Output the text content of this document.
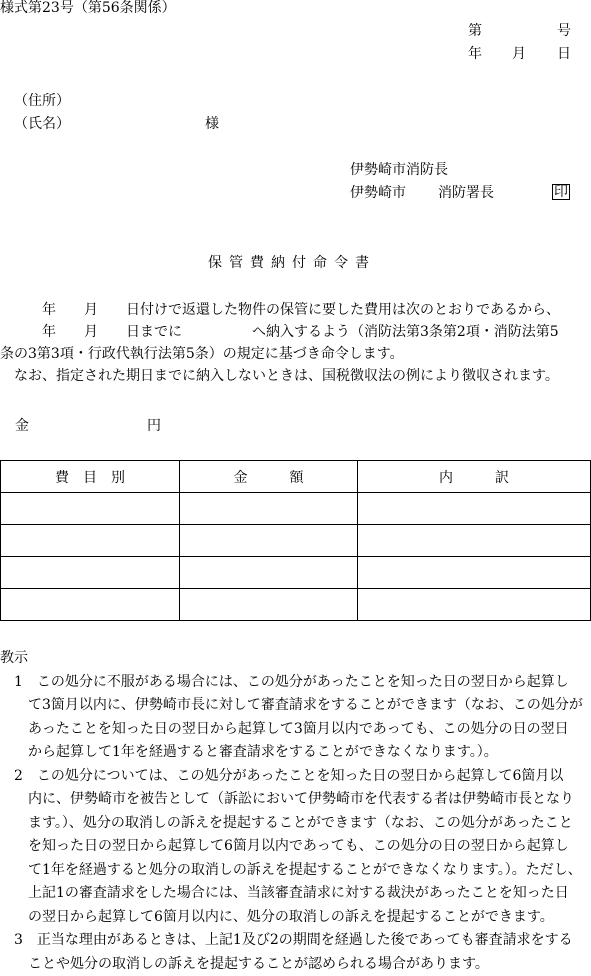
様式第23号（第56条関係）
第	号
年 月 日
（住所）
（氏名）	様
伊勢崎市消防長
伊勢崎市 消防署長	印
保管費納付命令書
　　　年　　月　　日付けで返還した物件の保管に要した費用は次のとおりであるから、
　　　年　　月　　日までに　　　　　へ納入するよう（消防法第3条第2項・消防法第5
条の3第3項・行政代執行法第5条）の規定に基づき命令します。
　なお、指定された期日までに納入しないときは、国税徴収法の例により徴収されます。
金	円
費　目　別	金　　　額	内　　　訳

教示
　1　この処分に不服がある場合には、この処分があったことを知った日の翌日から起算し
　　て3箇月以内に、伊勢崎市長に対して審査請求をすることができます（なお、この処分が
　　あったことを知った日の翌日から起算して3箇月以内であっても、この処分の日の翌日
　　から起算して1年を経過すると審査請求をすることができなくなります。）。
　2　この処分については、この処分があったことを知った日の翌日から起算して6箇月以
　　内に、伊勢崎市を被告として（訴訟において伊勢崎市を代表する者は伊勢崎市長となり
　　ます。）、処分の取消しの訴えを提起することができます（なお、この処分があったこと
　　を知った日の翌日から起算して6箇月以内であっても、この処分の日の翌日から起算し
　　て1年を経過すると処分の取消しの訴えを提起することができなくなります。）。ただし、
　　上記1の審査請求をした場合には、当該審査請求に対する裁決があったことを知った日
　　の翌日から起算して6箇月以内に、処分の取消しの訴えを提起することができます。
　3　正当な理由があるときは、上記1及び2の期間を経過した後であっても審査請求をする
　　ことや処分の取消しの訴えを提起することが認められる場合があります。
